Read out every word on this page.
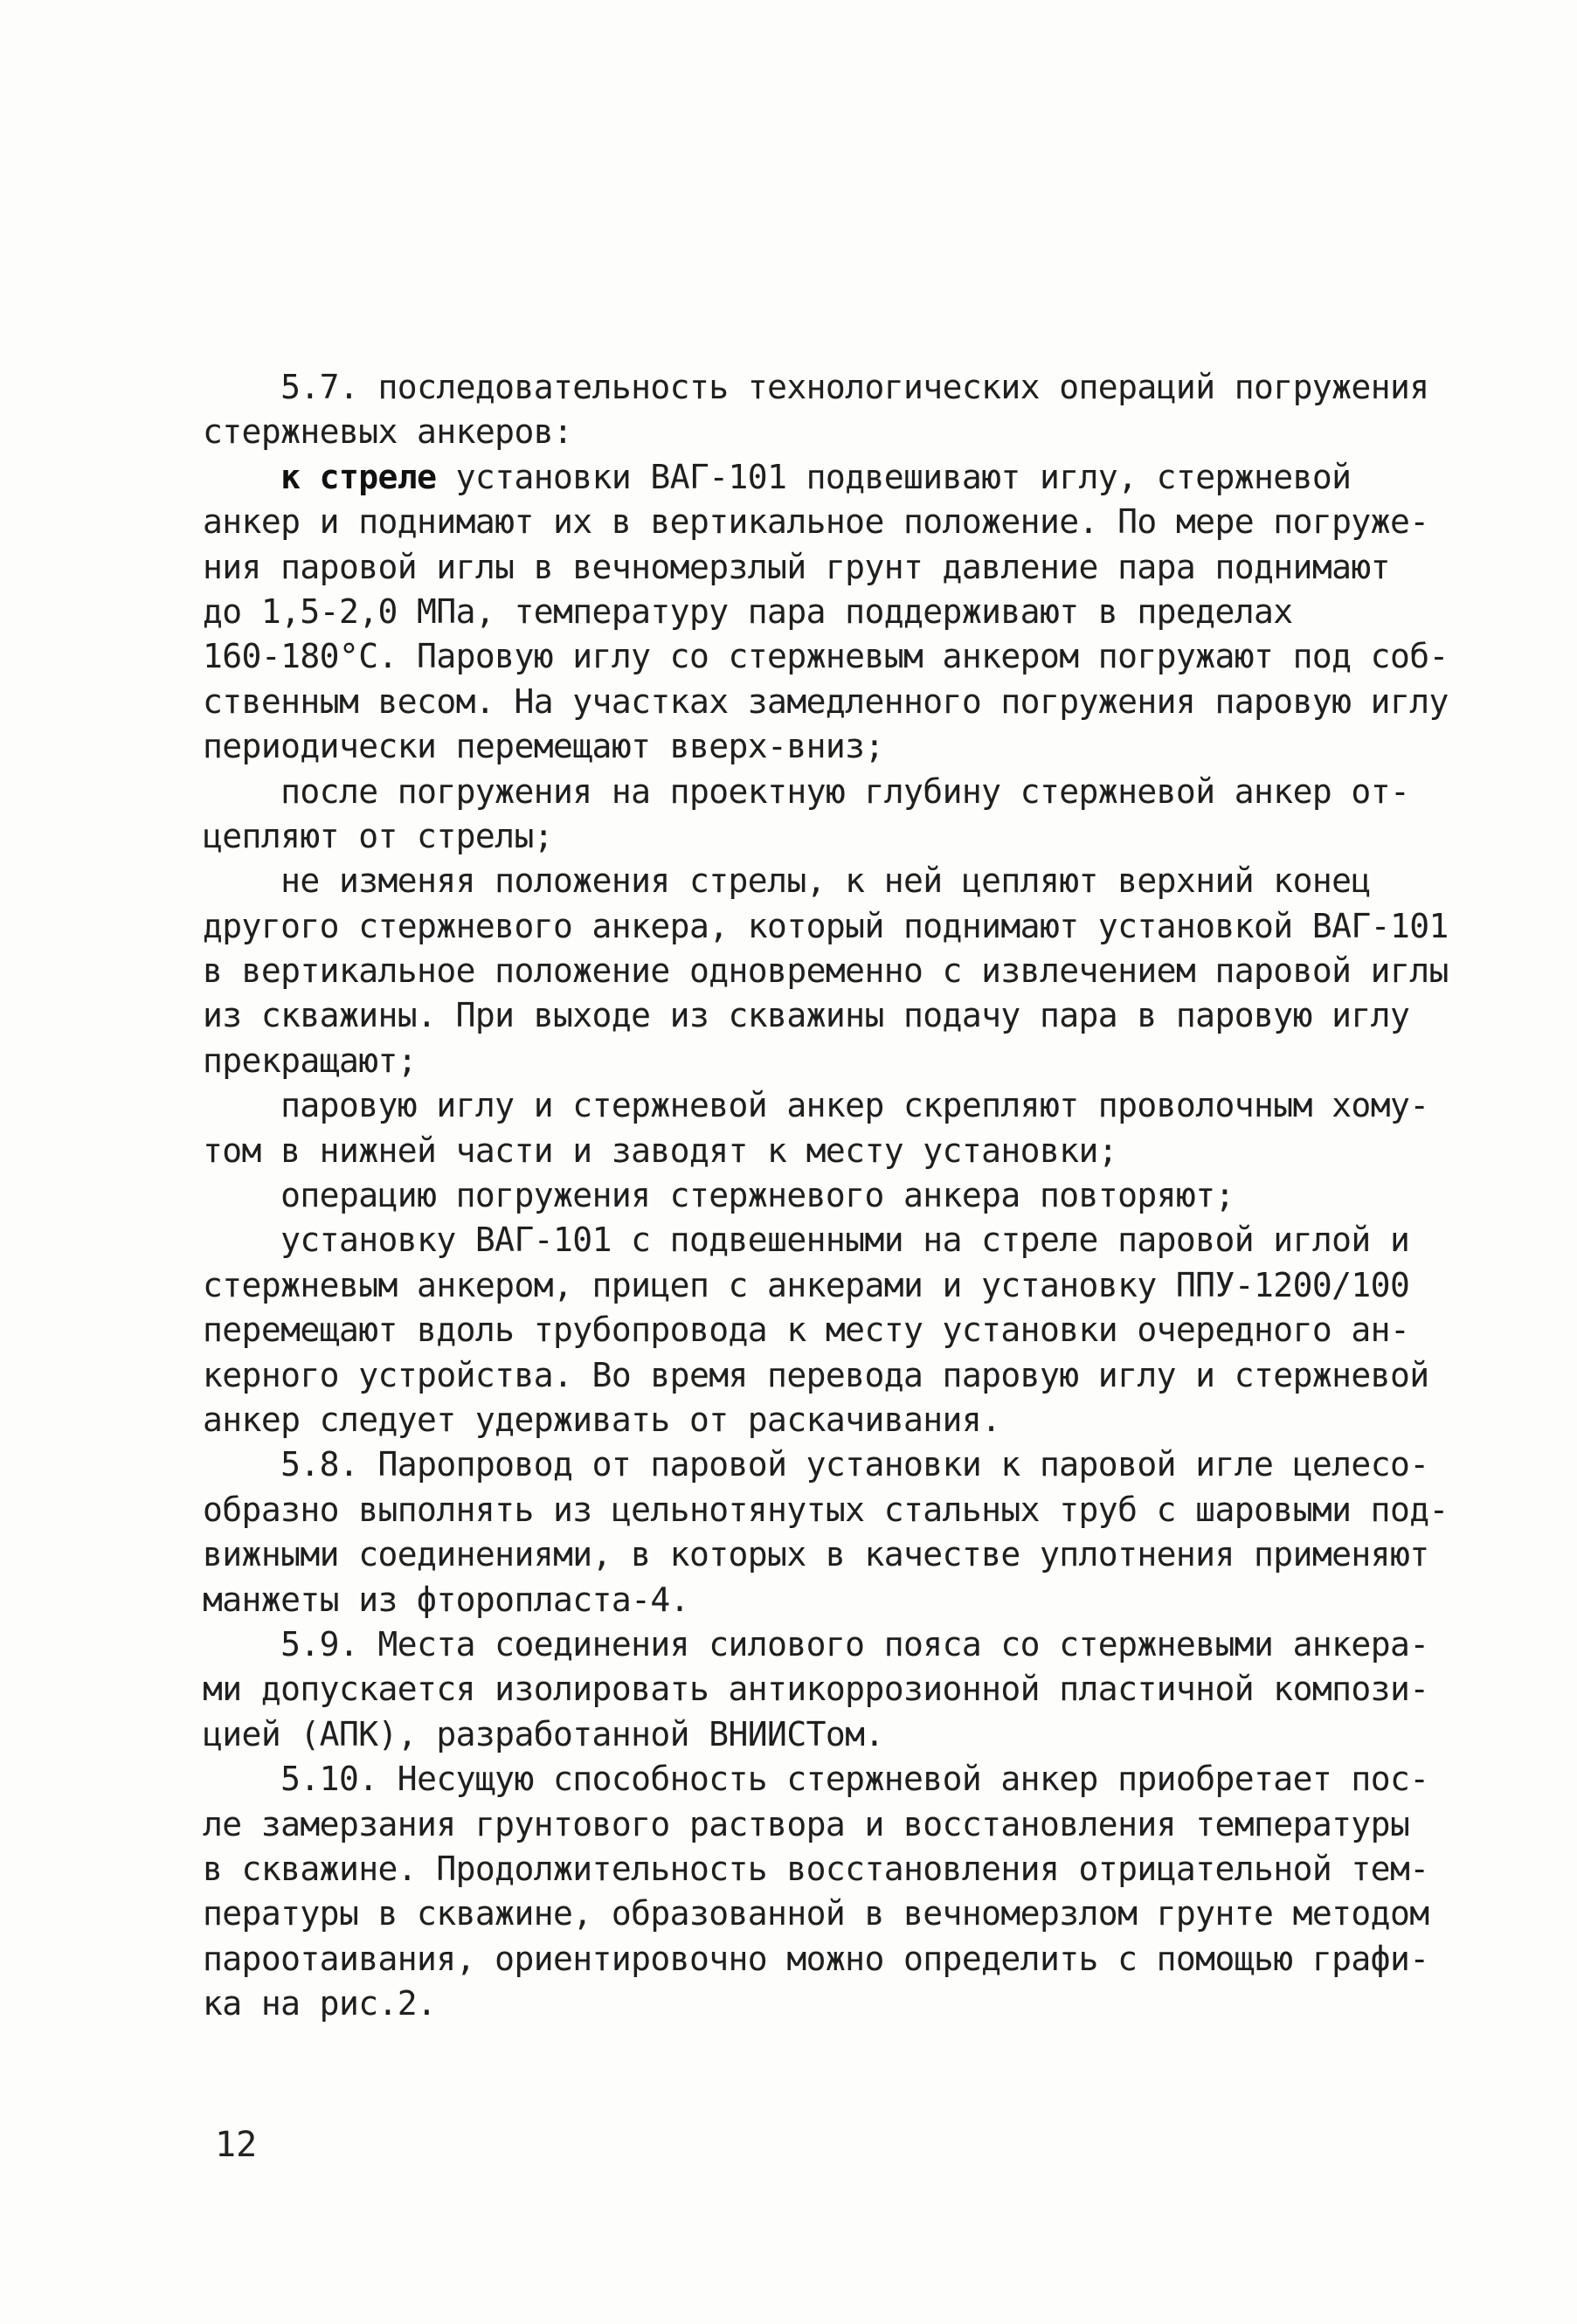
5.7. последовательность технологических операций погружения
стержневых анкеров:
к стреле установки ВАГ-101 подвешивают иглу, стержневой
анкер и поднимают их в вертикальное положение. По мере погруже-
ния паровой иглы в вечномерзлый грунт давление пара поднимают
до 1,5-2,0 МПа, температуру пара поддерживают в пределах
160-180°С. Паровую иглу со стержневым анкером погружают под соб-
ственным весом. На участках замедленного погружения паровую иглу
периодически перемещают вверх-вниз;
после погружения на проектную глубину стержневой анкер от-
цепляют от стрелы;
не изменяя положения стрелы, к ней цепляют верхний конец
другого стержневого анкера, который поднимают установкой ВАГ-101
в вертикальное положение одновременно с извлечением паровой иглы
из скважины. При выходе из скважины подачу пара в паровую иглу
прекращают;
паровую иглу и стержневой анкер скрепляют проволочным хому-
том в нижней части и заводят к месту установки;
операцию погружения стержневого анкера повторяют;
установку ВАГ-101 с подвешенными на стреле паровой иглой и
стержневым анкером, прицеп с анкерами и установку ППУ-1200/100
перемещают вдоль трубопровода к месту установки очередного ан-
керного устройства. Во время перевода паровую иглу и стержневой
анкер следует удерживать от раскачивания.
5.8. Паропровод от паровой установки к паровой игле целесо-
образно выполнять из цельнотянутых стальных труб с шаровыми под-
вижными соединениями, в которых в качестве уплотнения применяют
манжеты из фторопласта-4.
5.9. Места соединения силового пояса со стержневыми анкера-
ми допускается изолировать антикоррозионной пластичной компози-
цией (АПК), разработанной ВНИИСТом.
5.10. Несущую способность стержневой анкер приобретает пос-
ле замерзания грунтового раствора и восстановления температуры
в скважине. Продолжительность восстановления отрицательной тем-
пературы в скважине, образованной в вечномерзлом грунте методом
пароотаивания, ориентировочно можно определить с помощью графи-
ка на рис.2.
12
